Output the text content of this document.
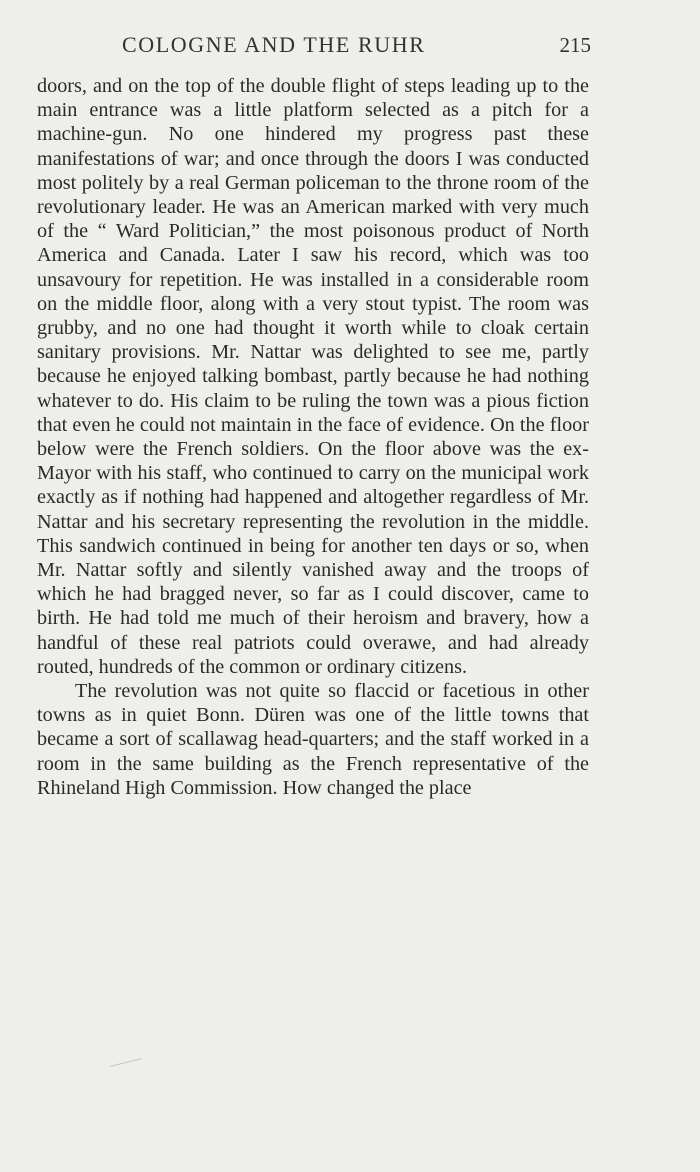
COLOGNE AND THE RUHR	215

doors, and on the top of the double flight of steps leading up to the main entrance was a little platform selected as a pitch for a machine-gun. No one hindered my progress past these manifestations of war; and once through the doors I was conducted most politely by a real German policeman to the throne room of the revolutionary leader. He was an American marked with very much of the “ Ward Politician,” the most poisonous product of North America and Canada. Later I saw his record, which was too unsavoury for repetition. He was installed in a considerable room on the middle floor, along with a very stout typist. The room was grubby, and no one had thought it worth while to cloak certain sanitary provisions. Mr. Nattar was delighted to see me, partly because he enjoyed talking bombast, partly because he had nothing whatever to do. His claim to be ruling the town was a pious fiction that even he could not maintain in the face of evidence. On the floor below were the French soldiers. On the floor above was the ex-Mayor with his staff, who continued to carry on the municipal work exactly as if nothing had happened and altogether regardless of Mr. Nattar and his secretary representing the revolution in the middle. This sandwich continued in being for another ten days or so, when Mr. Nattar softly and silently vanished away and the troops of which he had bragged never, so far as I could discover, came to birth. He had told me much of their heroism and bravery, how a handful of these real patriots could overawe, and had already routed, hundreds of the common or ordinary citizens.

The revolution was not quite so flaccid or facetious in other towns as in quiet Bonn. Düren was one of the little towns that became a sort of scallawag head-quarters; and the staff worked in a room in the same building as the French representative of the Rhineland High Commission. How changed the place
